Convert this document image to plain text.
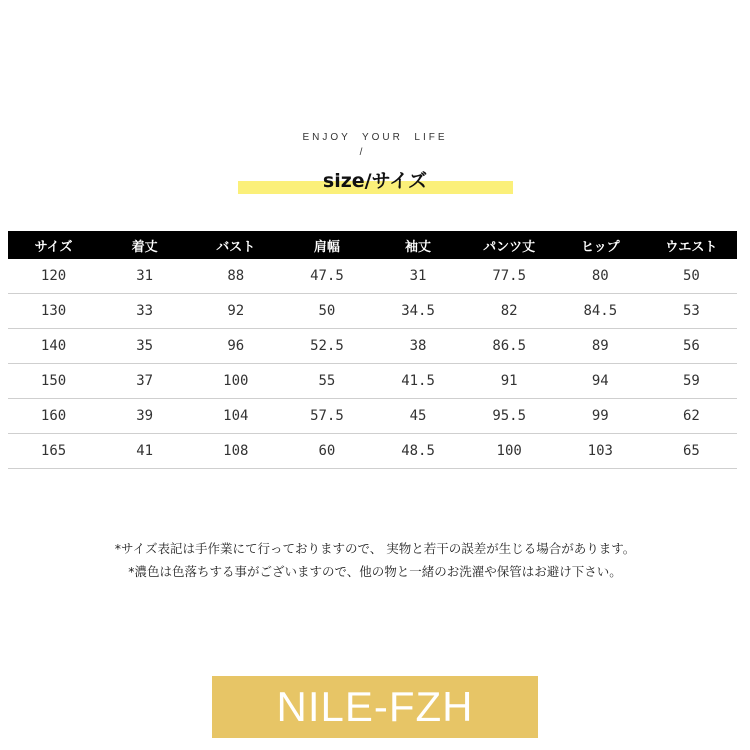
ENJOY  YOUR  LIFE
/
size/サイズ
サイズ	着丈	バスト	肩幅	袖丈	パンツ丈	ヒップ	ウエスト
120	31	88	47.5	31	77.5	80	50
130	33	92	50	34.5	82	84.5	53
140	35	96	52.5	38	86.5	89	56
150	37	100	55	41.5	91	94	59
160	39	104	57.5	45	95.5	99	62
165	41	108	60	48.5	100	103	65
*サイズ表記は手作業にて行っておりますので、 実物と若干の誤差が生じる場合があります。
*濃色は色落ちする事がございますので、他の物と一緒のお洗濯や保管はお避け下さい。
NILE-FZH
